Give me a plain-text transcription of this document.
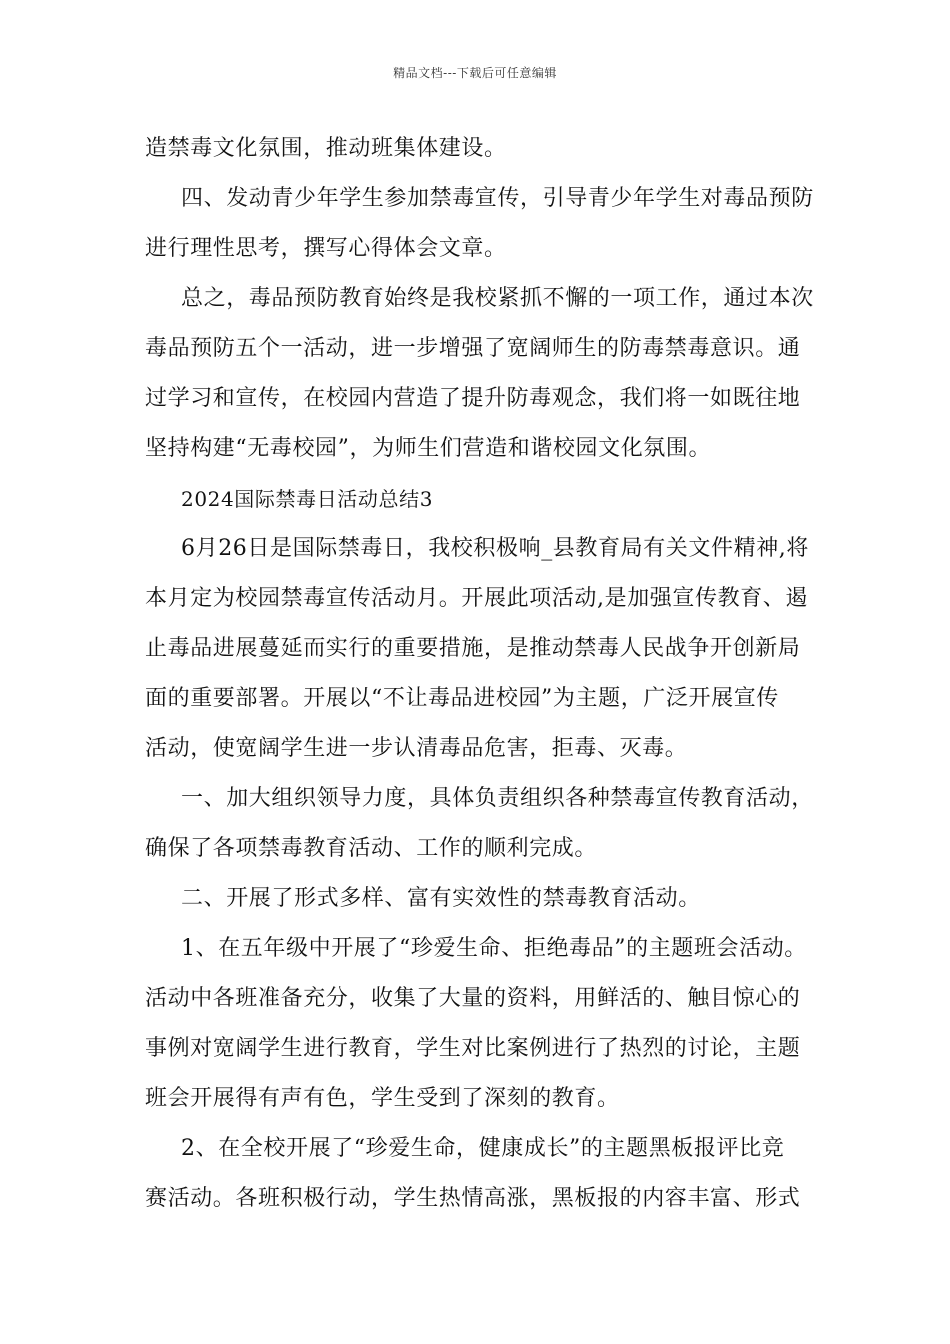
精品文档---下载后可任意编辑
造禁毒文化氛围，推动班集体建设。
四、发动青少年学生参加禁毒宣传，引导青少年学生对毒品预防
进行理性思考，撰写心得体会文章。
总之，毒品预防教育始终是我校紧抓不懈的一项工作，通过本次
毒品预防五个一活动，进一步增强了宽阔师生的防毒禁毒意识。通
过学习和宣传，在校园内营造了提升防毒观念，我们将一如既往地
坚持构建“无毒校园”，为师生们营造和谐校园文化氛围。
2024国际禁毒日活动总结3
6月26日是国际禁毒日，我校积极响_县教育局有关文件精神,将
本月定为校园禁毒宣传活动月。开展此项活动,是加强宣传教育、遏
止毒品进展蔓延而实行的重要措施，是推动禁毒人民战争开创新局
面的重要部署。开展以“不让毒品进校园”为主题，广泛开展宣传
活动，使宽阔学生进一步认清毒品危害，拒毒、灭毒。
一、加大组织领导力度，具体负责组织各种禁毒宣传教育活动，
确保了各项禁毒教育活动、工作的顺利完成。
二、开展了形式多样、富有实效性的禁毒教育活动。
1、在五年级中开展了“珍爱生命、拒绝毒品”的主题班会活动。
活动中各班准备充分，收集了大量的资料，用鲜活的、触目惊心的
事例对宽阔学生进行教育，学生对比案例进行了热烈的讨论，主题
班会开展得有声有色，学生受到了深刻的教育。
2、在全校开展了“珍爱生命，健康成长”的主题黑板报评比竞
赛活动。各班积极行动，学生热情高涨，黑板报的内容丰富、形式
